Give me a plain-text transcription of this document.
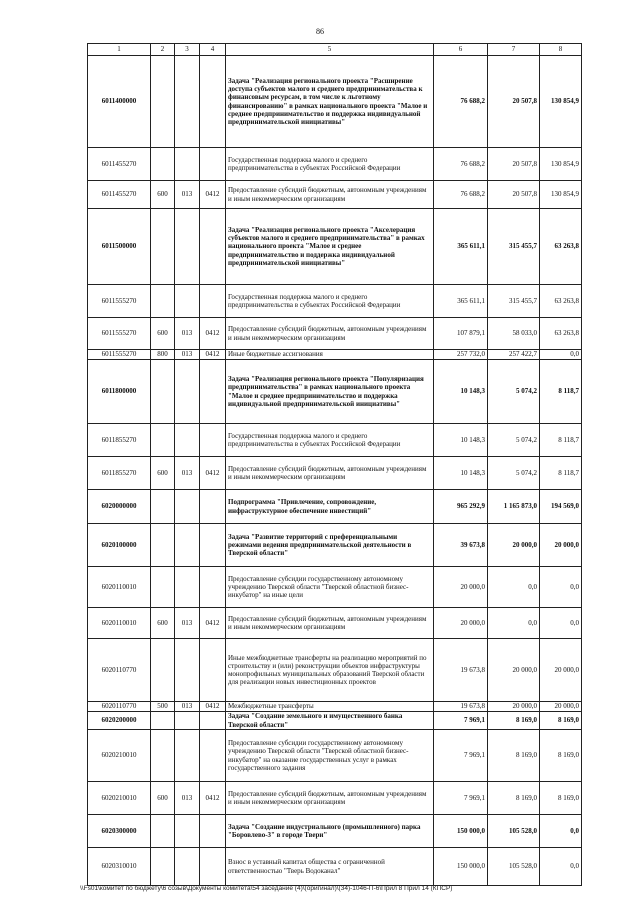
86
1	2	3	4	5	6	7	8
6011400000				Задача "Реализация регионального проекта "Расширение доступа субъектов малого и среднего предпринимательства к финансовым ресурсам, в том числе к льготному финансированию" в рамках национального проекта "Малое и среднее предпринимательство и поддержка индивидуальной предпринимательской инициативы"	76 688,2	20 507,8	130 854,9
6011455270				Государственная поддержка малого и среднего предпринимательства в субъектах Российской Федерации	76 688,2	20 507,8	130 854,9
6011455270	600	013	0412	Предоставление субсидий бюджетным, автономным учреждениям и иным некоммерческим организациям	76 688,2	20 507,8	130 854,9
6011500000				Задача "Реализация регионального проекта "Акселерация субъектов малого и среднего предпринимательства" в рамках национального проекта "Малое и среднее предпринимательство и поддержка индивидуальной предпринимательской инициативы"	365 611,1	315 455,7	63 263,8
6011555270				Государственная поддержка малого и среднего предпринимательства в субъектах Российской Федерации	365 611,1	315 455,7	63 263,8
6011555270	600	013	0412	Предоставление субсидий бюджетным, автономным учреждениям и иным некоммерческим организациям	107 879,1	58 033,0	63 263,8
6011555270	800	013	0412	Иные бюджетные ассигнования	257 732,0	257 422,7	0,0
6011800000				Задача "Реализация регионального проекта "Популяризация предпринимательства" в рамках национального проекта "Малое и среднее предпринимательство и поддержка индивидуальной предпринимательской инициативы"	10 148,3	5 074,2	8 118,7
6011855270				Государственная поддержка малого и среднего предпринимательства в субъектах Российской Федерации	10 148,3	5 074,2	8 118,7
6011855270	600	013	0412	Предоставление субсидий бюджетным, автономным учреждениям и иным некоммерческим организациям	10 148,3	5 074,2	8 118,7
6020000000				Подпрограмма "Привлечение, сопровождение, инфраструктурное обеспечение инвестиций"	965 292,9	1 165 873,0	194 569,0
6020100000				Задача "Развитие территорий с преференциальными режимами ведения предпринимательской деятельности в Тверской области"	39 673,8	20 000,0	20 000,0
6020110010				Предоставление субсидии государственному автономному учреждению Тверской области "Тверской областной бизнес-инкубатор" на иные цели	20 000,0	0,0	0,0
6020110010	600	013	0412	Предоставление субсидий бюджетным, автономным учреждениям и иным некоммерческим организациям	20 000,0	0,0	0,0
6020110770				Иные межбюджетные трансферты на реализацию мероприятий по строительству и (или) реконструкции объектов инфраструктуры монопрофильных муниципальных образований Тверской области для реализации новых инвестиционных проектов	19 673,8	20 000,0	20 000,0
6020110770	500	013	0412	Межбюджетные трансферты	19 673,8	20 000,0	20 000,0
6020200000				Задача "Создание земельного и имущественного банка Тверской области"	7 969,1	8 169,0	8 169,0
6020210010				Предоставление субсидии государственному автономному учреждению Тверской области "Тверской областной бизнес-инкубатор" на оказание государственных услуг в рамках государственного задания	7 969,1	8 169,0	8 169,0
6020210010	600	013	0412	Предоставление субсидий бюджетным, автономным учреждениям и иным некоммерческим организациям	7 969,1	8 169,0	8 169,0
6020300000				Задача "Создание индустриального (промышленного) парка "Боровлево-3" в городе Твери"	150 000,0	105 528,0	0,0
6020310010				Взнос в уставный капитал общества с ограниченной ответственностью "Тверь Водоканал"	150 000,0	105 528,0	0,0
\\Fs01\комитет по бюджету\6 созыв\Документы комитета\54 заседание (4)\(оригинал)\(34)-1046-П-6\Прил 8 Прил 14 (КПСР)
